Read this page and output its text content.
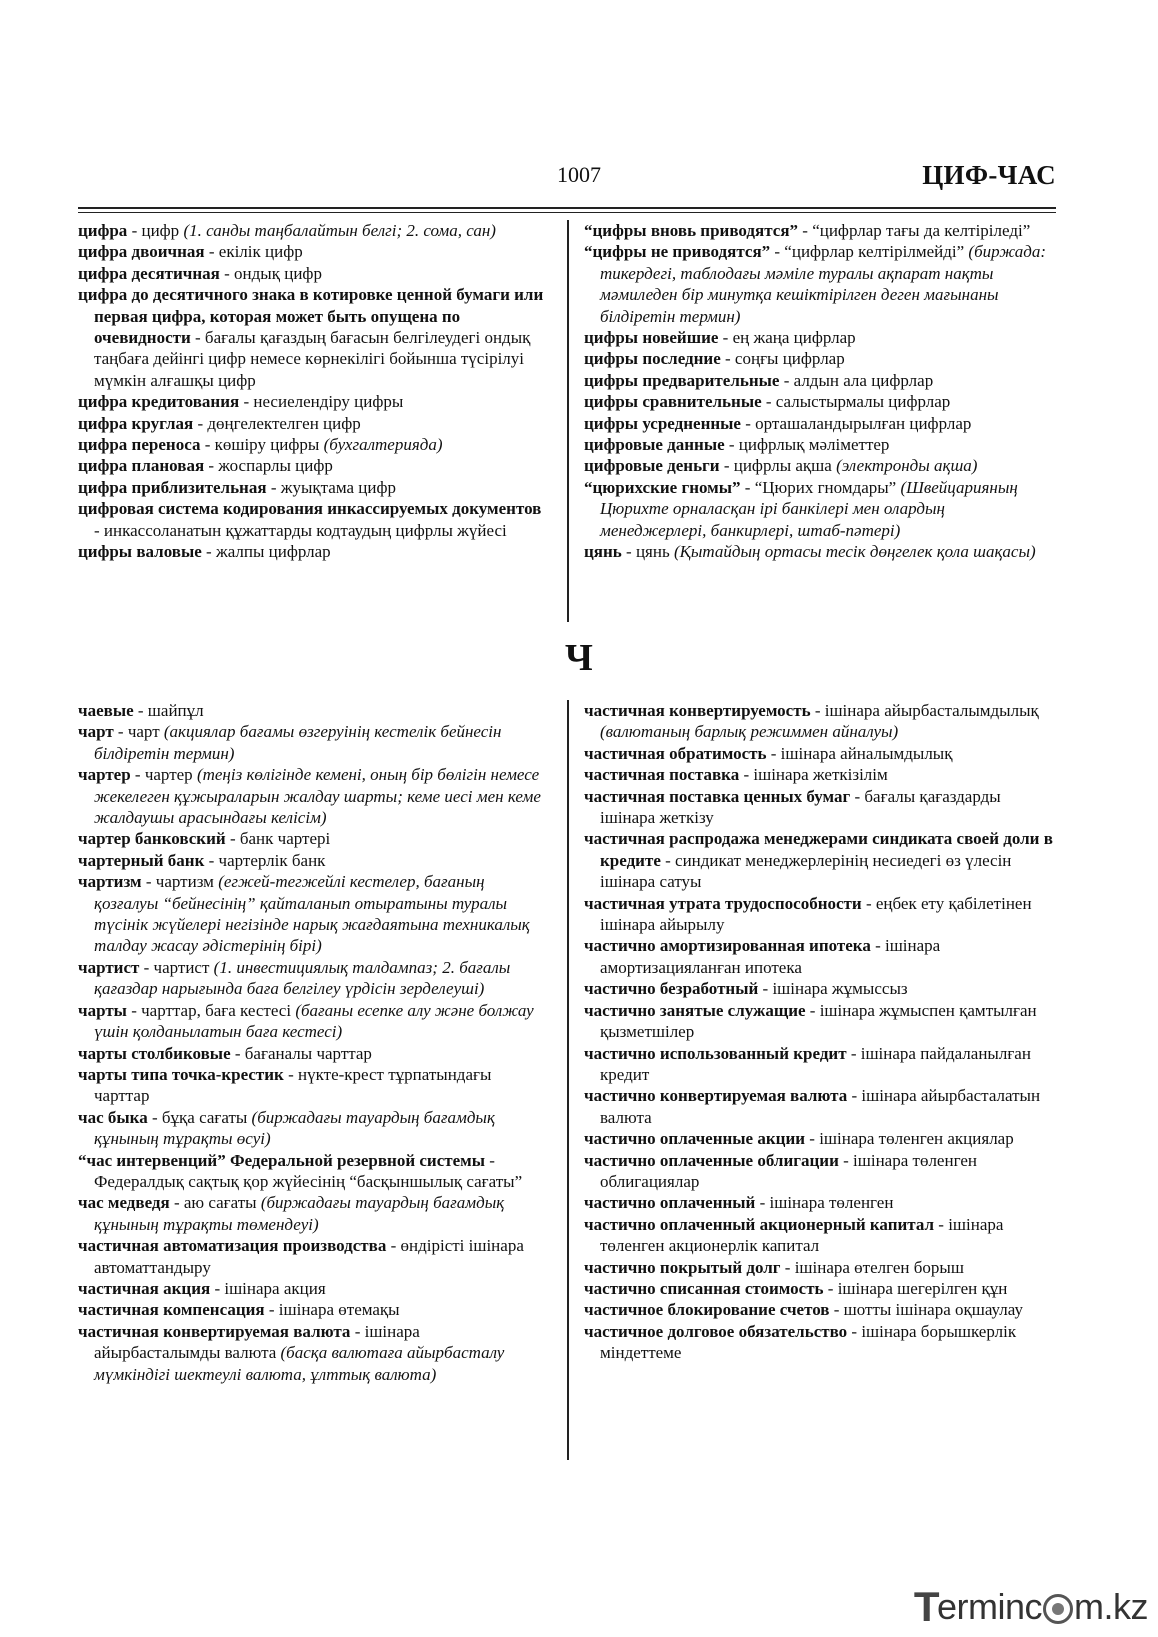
1007	ЦИФ-ЧАС

цифра - цифр (1. санды таңбалайтын белгі; 2. сома, сан)

цифра двоичная - екілік цифр

цифра десятичная - ондық цифр

цифра до десятичного знака в котировке ценной бумаги или первая цифра, которая может быть опущена по очевидности - бағалы қағаздың бағасын белгілеудегі ондық таңбаға дейінгі цифр немесе көрнекілігі бойынша түсірілуі мүмкін алғашқы цифр

цифра кредитования - несиелендіру цифры

цифра круглая - дөңгелектелген цифр

цифра переноса - көшіру цифры (бухгалтерияда)

цифра плановая - жоспарлы цифр

цифра приблизительная - жуықтама цифр

цифровая система кодирования инкассируемых документов - инкассоланатын құжаттарды кодтаудың цифрлы жүйесі

цифры валовые - жалпы цифрлар

“цифры вновь приводятся” - “цифрлар тағы да келтіріледі”

“цифры не приводятся” - “цифрлар келтірілмейді” (биржада: тикердегі, таблодағы мәміле туралы ақпарат нақты мәмиледен бір минутқа кешіктірілген деген мағынаны білдіретін термин)

цифры новейшие - ең жаңа цифрлар

цифры последние - соңғы цифрлар

цифры предварительные - алдын ала цифрлар

цифры сравнительные - салыстырмалы цифрлар

цифры усредненные - орташаландырылған цифрлар

цифровые данные - цифрлық мәліметтер

цифровые деньги - цифрлы ақша (электронды ақша)

“цюрихские гномы” - “Цюрих гномдары” (Швейцарияның Цюрихте орналасқан ірі банкілері мен олардың менеджерлері, банкирлері, штаб-пәтері)

цянь - цянь (Қытайдың ортасы тесік дөңгелек қола шақасы)

Ч

чаевые - шайпұл

чарт - чарт (акциялар бағамы өзгеруінің кестелік бейнесін білдіретін термин)

чартер - чартер (теңіз көлігінде кемені, оның бір бөлігін немесе жекелеген құжыраларын жалдау шарты; кеме иесі мен кеме жалдаушы арасындағы келісім)

чартер банковский - банк чартері

чартерный банк - чартерлік банк

чартизм - чартизм (егжей-тегжейлі кестелер, бағаның қозғалуы “бейнесінің” қайталанып отыратыны туралы түсінік жүйелері негізінде нарық жағдаятына техникалық талдау жасау әдістерінің бірі)

чартист - чартист (1. инвестициялық талдампаз; 2. бағалы қағаздар нарығында баға белгілеу үрдісін зерделеуші)

чарты - чарттар, баға кестесі (бағаны есепке алу және болжау үшін қолданылатын баға кестесі)

чарты столбиковые - бағаналы чарттар

чарты типа точка-крестик - нүкте-крест тұрпатындағы чарттар

час быка - бұқа сағаты (биржадағы тауардың бағамдық құнының тұрақты өсуі)

“час интервенций” Федеральной резервной системы - Федералдық сақтық қор жүйесінің “басқыншылық сағаты”

час медведя - аю сағаты (биржадағы тауардың бағамдық құнының тұрақты төмендеуі)

частичная автоматизация производства - өндірісті ішінара автоматтандыру

частичная акция - ішінара акция

частичная компенсация - ішінара өтемақы

частичная конвертируемая валюта - ішінара айырбасталымды валюта (басқа валютаға айырбасталу мүмкіндігі шектеулі валюта, ұлттық валюта)

частичная конвертируемость - ішінара айырбасталымдылық (валютаның барлық режиммен айналуы)

частичная обратимость - ішінара айналымдылық

частичная поставка - ішінара жеткізілім

частичная поставка ценных бумаг - бағалы қағаздарды ішінара жеткізу

частичная распродажа менеджерами синдиката своей доли в кредите - синдикат менеджерлерінің несиедегі өз үлесін ішінара сатуы

частичная утрата трудоспособности - еңбек ету қабілетінен ішінара айырылу

частично амортизированная ипотека - ішінара амортизацияланған ипотека

частично безработный - ішінара жұмыссыз

частично занятые служащие - ішінара жұмыспен қамтылған қызметшілер

частично использованный кредит - ішінара пайдаланылған кредит

частично конвертируемая валюта - ішінара айырбасталатын валюта

частично оплаченные акции - ішінара төленген акциялар

частично оплаченные облигации - ішінара төленген облигациялар

частично оплаченный - ішінара төленген

частично оплаченный акционерный капитал - ішінара төленген акционерлік капитал

частично покрытый долг - ішінара өтелген борыш

частично списанная стоимость - ішінара шегерілген құн

частичное блокирование счетов - шотты ішінара оқшаулау

частичное долговое обязательство - ішінара борышкерлік міндеттеме

T
erminc m.kz
